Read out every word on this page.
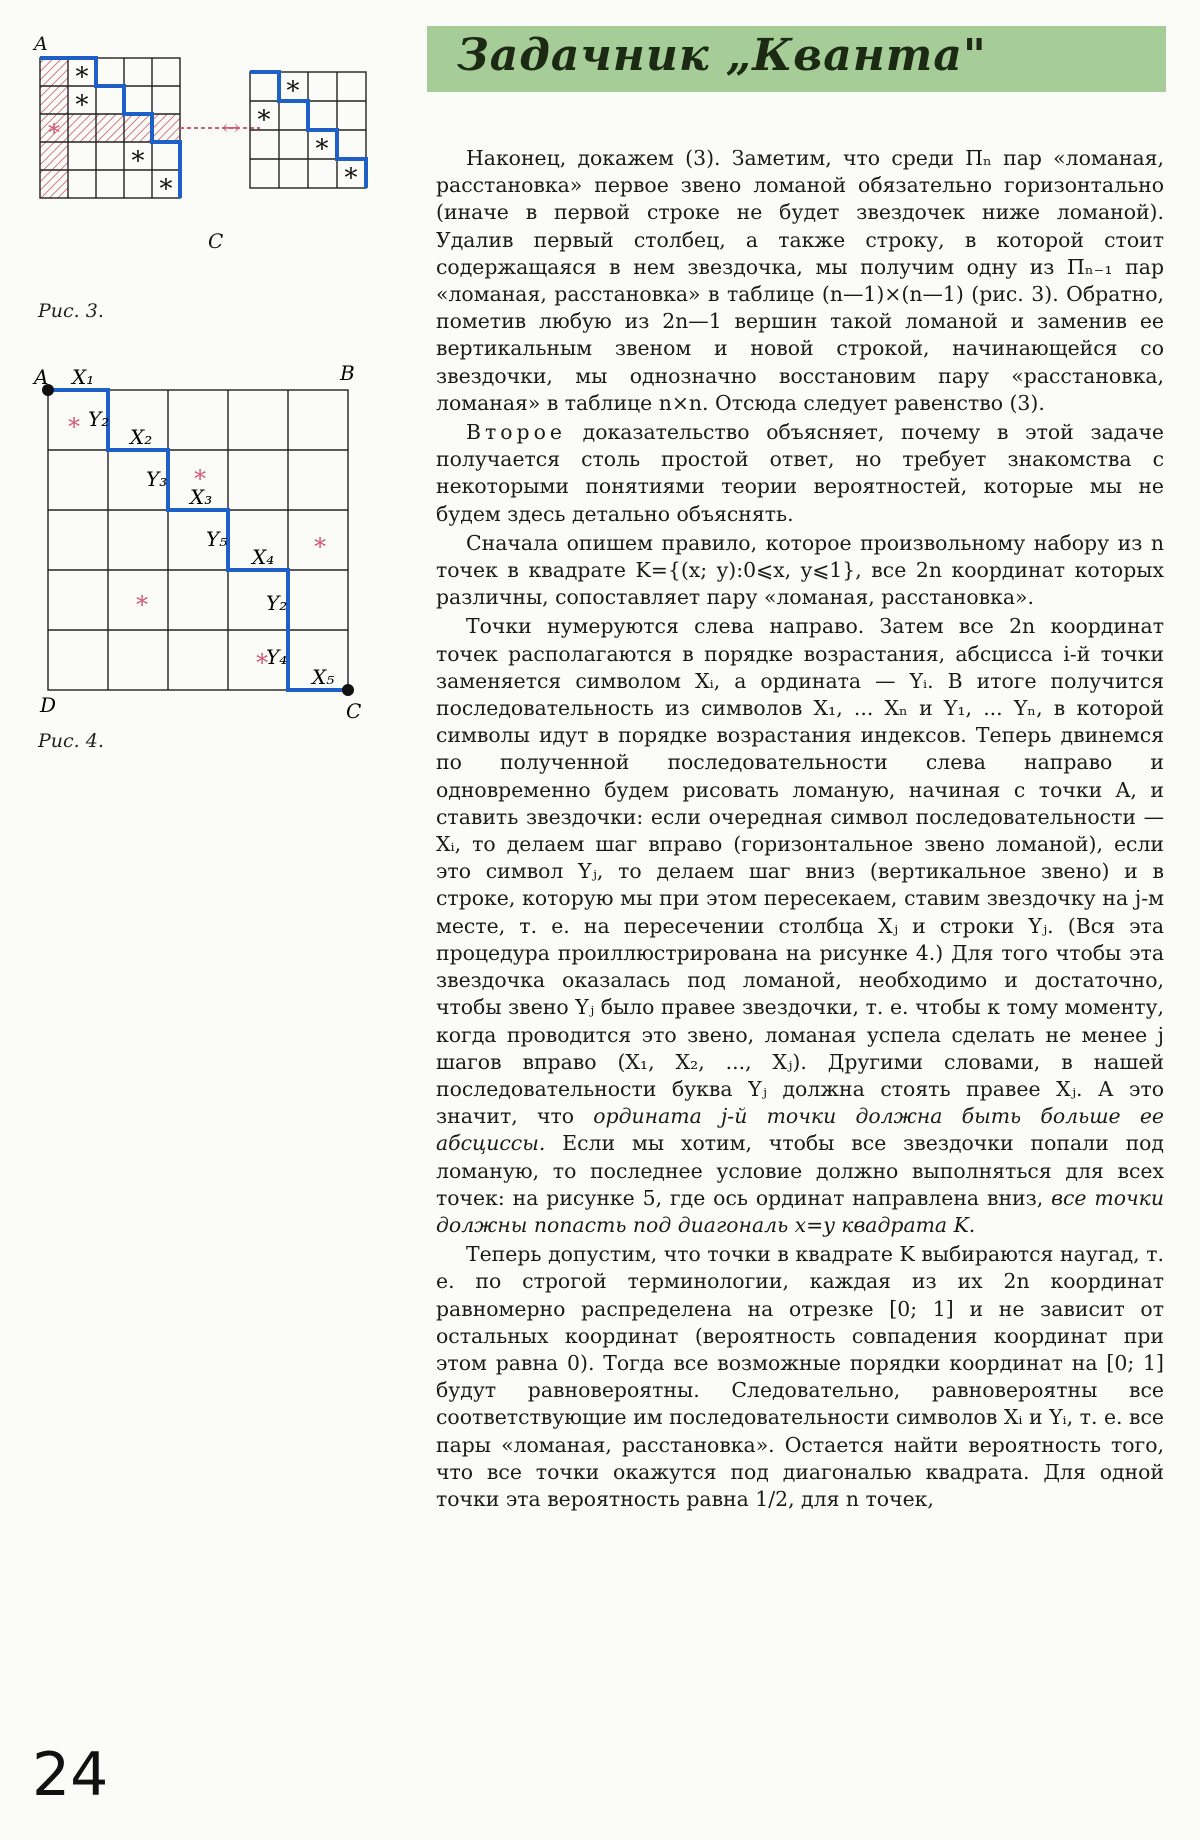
Задачник „Кванта"
∗
∗
∗
∗
∗	↔
∗
∗
∗
∗
A
C
Рис. 3.
A	B
C
D
X₁
X₂
X₃
X₄
X₅
Y₂
Y₃
Y₅
Y₂
Y₄
∗
∗
∗
∗
∗
Рис. 4.

Наконец, докажем (3). Заметим, что среди Пₙ пар «ломаная, расстановка» первое звено ломаной обязательно горизонтально (иначе в первой строке не будет звездочек ниже ломаной). Удалив первый столбец, а также строку, в которой стоит содержащаяся в нем звездочка, мы получим одну из Пₙ₋₁ пар «ломаная, расстановка» в таблице (n—1)×(n—1) (рис. 3). Обратно, пометив любую из 2n—1 вершин такой ломаной и заменив ее вертикальным звеном и новой строкой, начинающейся со звездочки, мы однозначно восстановим пару «расстановка, ломаная» в таблице n×n. Отсюда следует равенство (3).

Второе доказательство объясняет, почему в этой задаче получается столь простой ответ, но требует знакомства с некоторыми понятиями теории вероятностей, которые мы не будем здесь детально объяснять.

Сначала опишем правило, которое произвольному набору из n точек в квадрате K={(x; y):0⩽x, y⩽1}, все 2n координат которых различны, сопоставляет пару «ломаная, расстановка».

Точки нумеруются слева направо. Затем все 2n координат точек располагаются в порядке возрастания, абсцисса i-й точки заменяется символом Xᵢ, а ордината — Yᵢ. В итоге получится последовательность из символов X₁, ... Xₙ и Y₁, ... Yₙ, в которой символы идут в порядке возрастания индексов. Теперь двинемся по полученной последовательности слева направо и одновременно будем рисовать ломаную, начиная с точки A, и ставить звездочки: если очередная символ последовательности — Xᵢ, то делаем шаг вправо (горизонтальное звено ломаной), если это символ Yⱼ, то делаем шаг вниз (вертикальное звено) и в строке, которую мы при этом пересекаем, ставим звездочку на j-м месте, т. е. на пересечении столбца Xⱼ и строки Yⱼ. (Вся эта процедура проиллюстрирована на рисунке 4.) Для того чтобы эта звездочка оказалась под ломаной, необходимо и достаточно, чтобы звено Yⱼ было правее звездочки, т. е. чтобы к тому моменту, когда проводится это звено, ломаная успела сделать не менее j шагов вправо (X₁, X₂, ..., Xⱼ). Другими словами, в нашей последовательности буква Yⱼ должна стоять правее Xⱼ. А это значит, что ордината j-й точки должна быть больше ее абсциссы. Если мы хотим, чтобы все звездочки попали под ломаную, то последнее условие должно выполняться для всех точек: на рисунке 5, где ось ординат направлена вниз, все точки должны попасть под диагональ x=y квадрата K.

Теперь допустим, что точки в квадрате K выбираются наугад, т. е. по строгой терминологии, каждая из их 2n координат равномерно распределена на отрезке [0; 1] и не зависит от остальных координат (вероятность совпадения координат при этом равна 0). Тогда все возможные порядки координат на [0; 1] будут равновероятны. Следовательно, равновероятны все соответствующие им последовательности символов Xᵢ и Yᵢ, т. е. все пары «ломаная, расстановка». Остается найти вероятность того, что все точки окажутся под диагональю квадрата. Для одной точки эта вероятность равна 1/2, для n точек,

24
